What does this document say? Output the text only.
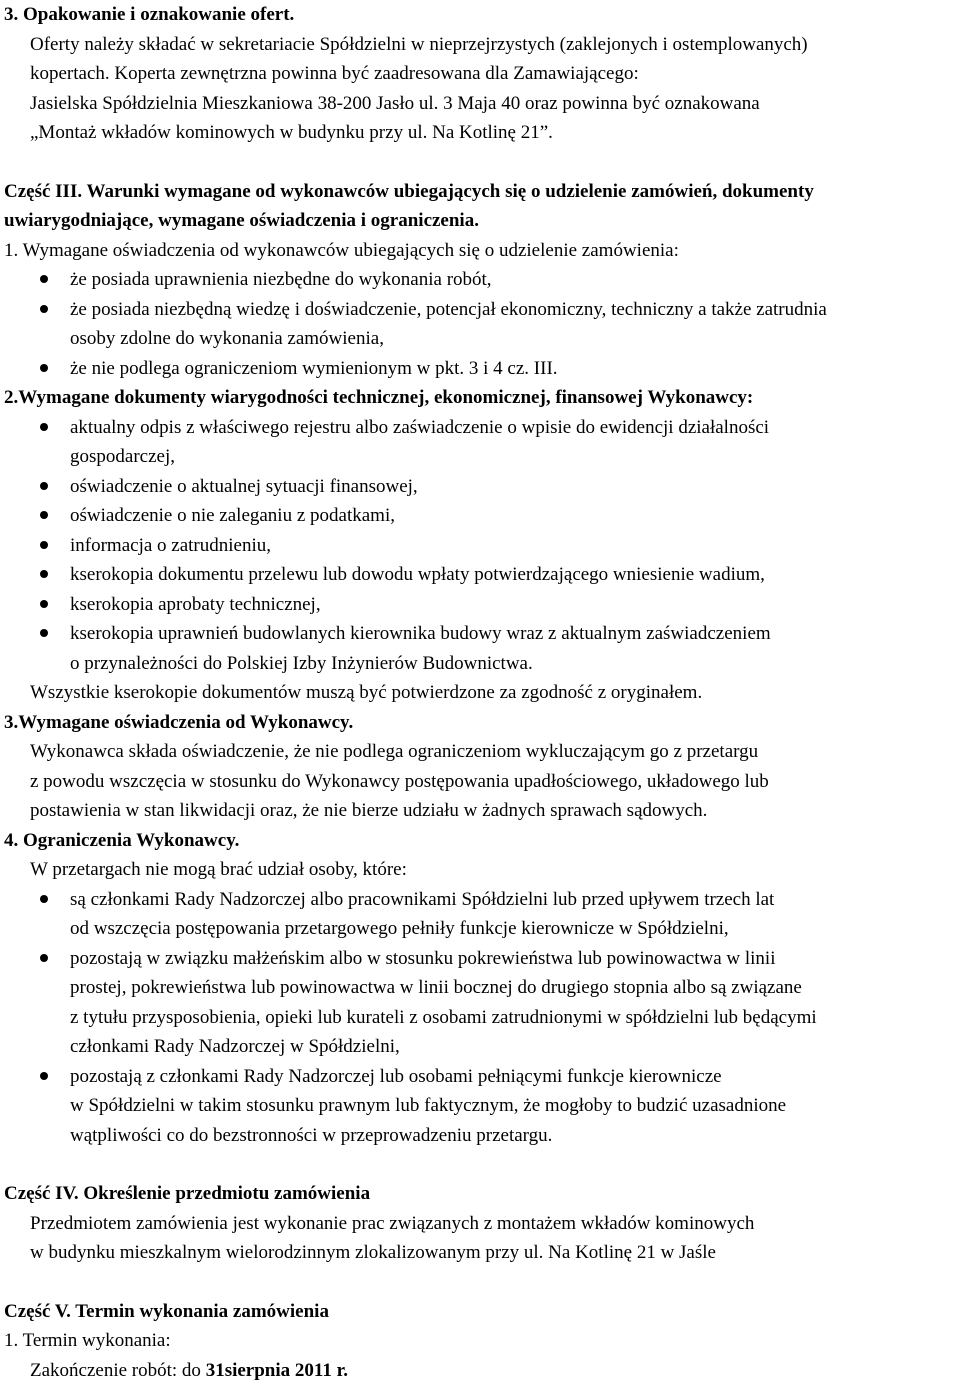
3. Opakowanie i oznakowanie ofert.
Oferty należy składać w sekretariacie Spółdzielni w nieprzejrzystych (zaklejonych i ostemplowanych)
kopertach. Koperta zewnętrzna powinna być zaadresowana dla Zamawiającego:
Jasielska Spółdzielnia Mieszkaniowa 38-200 Jasło ul. 3 Maja 40 oraz powinna być oznakowana
„Montaż wkładów kominowych w budynku przy ul. Na Kotlinę 21”.
Część III. Warunki wymagane od wykonawców ubiegających się o udzielenie zamówień, dokumenty
uwiarygodniające, wymagane oświadczenia i ograniczenia.
1. Wymagane oświadczenia od wykonawców ubiegających się o udzielenie zamówienia:
że posiada uprawnienia niezbędne do wykonania robót,
że posiada niezbędną wiedzę i doświadczenie, potencjał ekonomiczny, techniczny a także zatrudnia
osoby zdolne do wykonania zamówienia,
że nie podlega ograniczeniom wymienionym w pkt. 3 i 4 cz. III.
2.Wymagane dokumenty wiarygodności technicznej, ekonomicznej, finansowej Wykonawcy:
aktualny odpis z właściwego rejestru albo zaświadczenie o wpisie do ewidencji działalności
gospodarczej,
oświadczenie o aktualnej sytuacji finansowej,
oświadczenie o nie zaleganiu z podatkami,
informacja o zatrudnieniu,
kserokopia dokumentu przelewu lub dowodu wpłaty potwierdzającego wniesienie wadium,
kserokopia aprobaty technicznej,
kserokopia uprawnień budowlanych kierownika budowy wraz z aktualnym zaświadczeniem
o przynależności do Polskiej Izby Inżynierów Budownictwa.
Wszystkie kserokopie dokumentów muszą być potwierdzone za zgodność z oryginałem.
3.Wymagane oświadczenia od Wykonawcy.
Wykonawca składa oświadczenie, że nie podlega ograniczeniom wykluczającym go z przetargu
z powodu wszczęcia w stosunku do Wykonawcy postępowania upadłościowego, układowego lub
postawienia w stan likwidacji oraz, że nie bierze udziału w żadnych sprawach sądowych.
4. Ograniczenia Wykonawcy.
W przetargach nie mogą brać udział osoby, które:
są członkami Rady Nadzorczej albo pracownikami Spółdzielni lub przed upływem trzech lat
od wszczęcia postępowania przetargowego pełniły funkcje kierownicze w Spółdzielni,
pozostają w związku małżeńskim albo w stosunku pokrewieństwa lub powinowactwa w linii
prostej, pokrewieństwa lub powinowactwa w linii bocznej do drugiego stopnia albo są związane
z tytułu przysposobienia, opieki lub kurateli z osobami zatrudnionymi w spółdzielni lub będącymi
członkami Rady Nadzorczej w Spółdzielni,
pozostają z członkami Rady Nadzorczej lub osobami pełniącymi funkcje kierownicze
w Spółdzielni w takim stosunku prawnym lub faktycznym, że mogłoby to budzić uzasadnione
wątpliwości co do bezstronności w przeprowadzeniu przetargu.
Część IV. Określenie przedmiotu zamówienia
Przedmiotem zamówienia jest wykonanie prac związanych z montażem wkładów kominowych
w budynku mieszkalnym wielorodzinnym zlokalizowanym przy ul. Na Kotlinę 21 w Jaśle
Część V. Termin wykonania zamówienia
1. Termin wykonania:
Zakończenie robót: do 31sierpnia 2011 r.
